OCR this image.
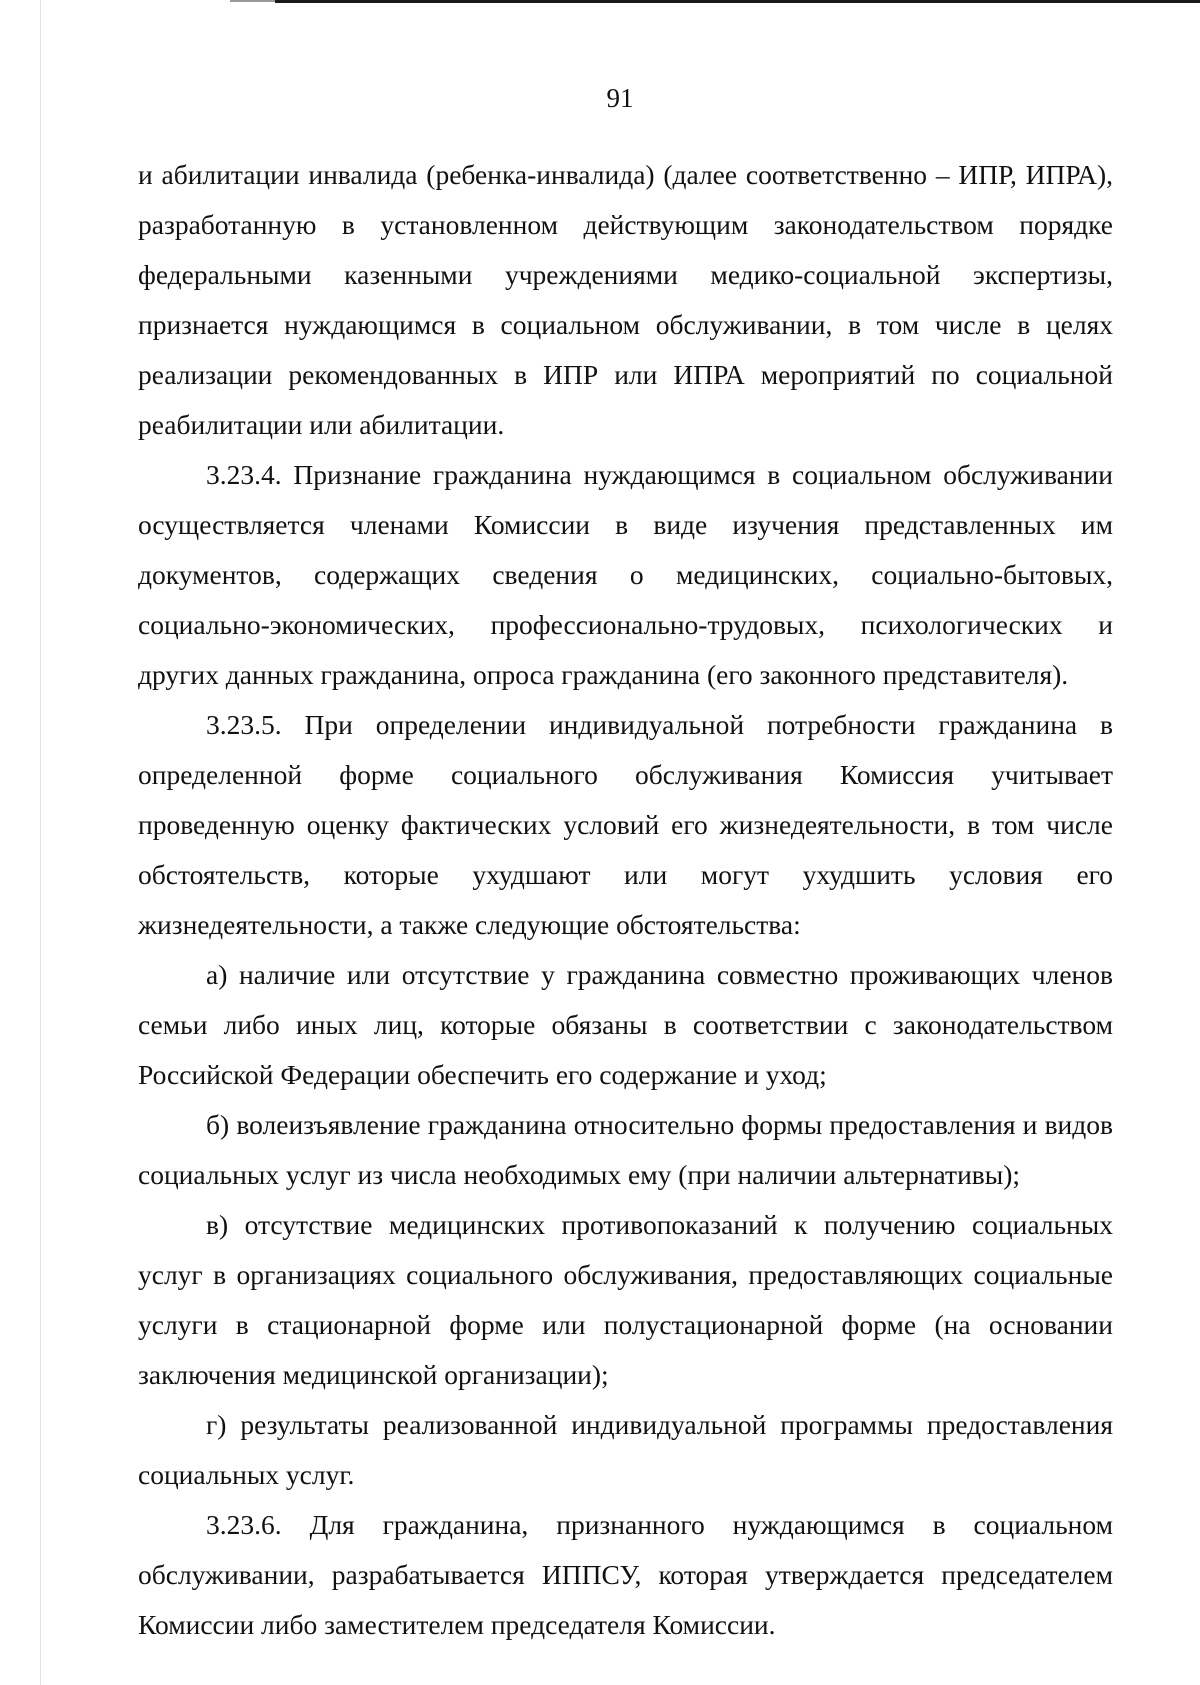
91

и абилитации инвалида (ребенка-инвалида) (далее соответственно – ИПР, ИПРА), разработанную в установленном действующим законодательством порядке федеральными казенными учреждениями медико-социальной экспертизы, признается нуждающимся в социальном обслуживании, в том числе в целях реализации рекомендованных в ИПР или ИПРА мероприятий по социальной реабилитации или абилитации.

3.23.4. Признание гражданина нуждающимся в социальном обслуживании осуществляется членами Комиссии в виде изучения представленных им документов, содержащих сведения о медицинских, социально-бытовых, социально-экономических, профессионально-трудовых, психологических и других данных гражданина, опроса гражданина (его законного представителя).

3.23.5. При определении индивидуальной потребности гражданина в определенной форме социального обслуживания Комиссия учитывает проведенную оценку фактических условий его жизнедеятельности, в том числе обстоятельств, которые ухудшают или могут ухудшить условия его жизнедеятельности, а также следующие обстоятельства:

а) наличие или отсутствие у гражданина совместно проживающих членов семьи либо иных лиц, которые обязаны в соответствии с законодательством Российской Федерации обеспечить его содержание и уход;

б) волеизъявление гражданина относительно формы предоставления и видов социальных услуг из числа необходимых ему (при наличии альтернативы);

в) отсутствие медицинских противопоказаний к получению социальных услуг в организациях социального обслуживания, предоставляющих социальные услуги в стационарной форме или полустационарной форме (на основании заключения медицинской организации);

г) результаты реализованной индивидуальной программы предоставления социальных услуг.

3.23.6. Для гражданина, признанного нуждающимся в социальном обслуживании, разрабатывается ИППСУ, которая утверждается председателем Комиссии либо заместителем председателя Комиссии.
